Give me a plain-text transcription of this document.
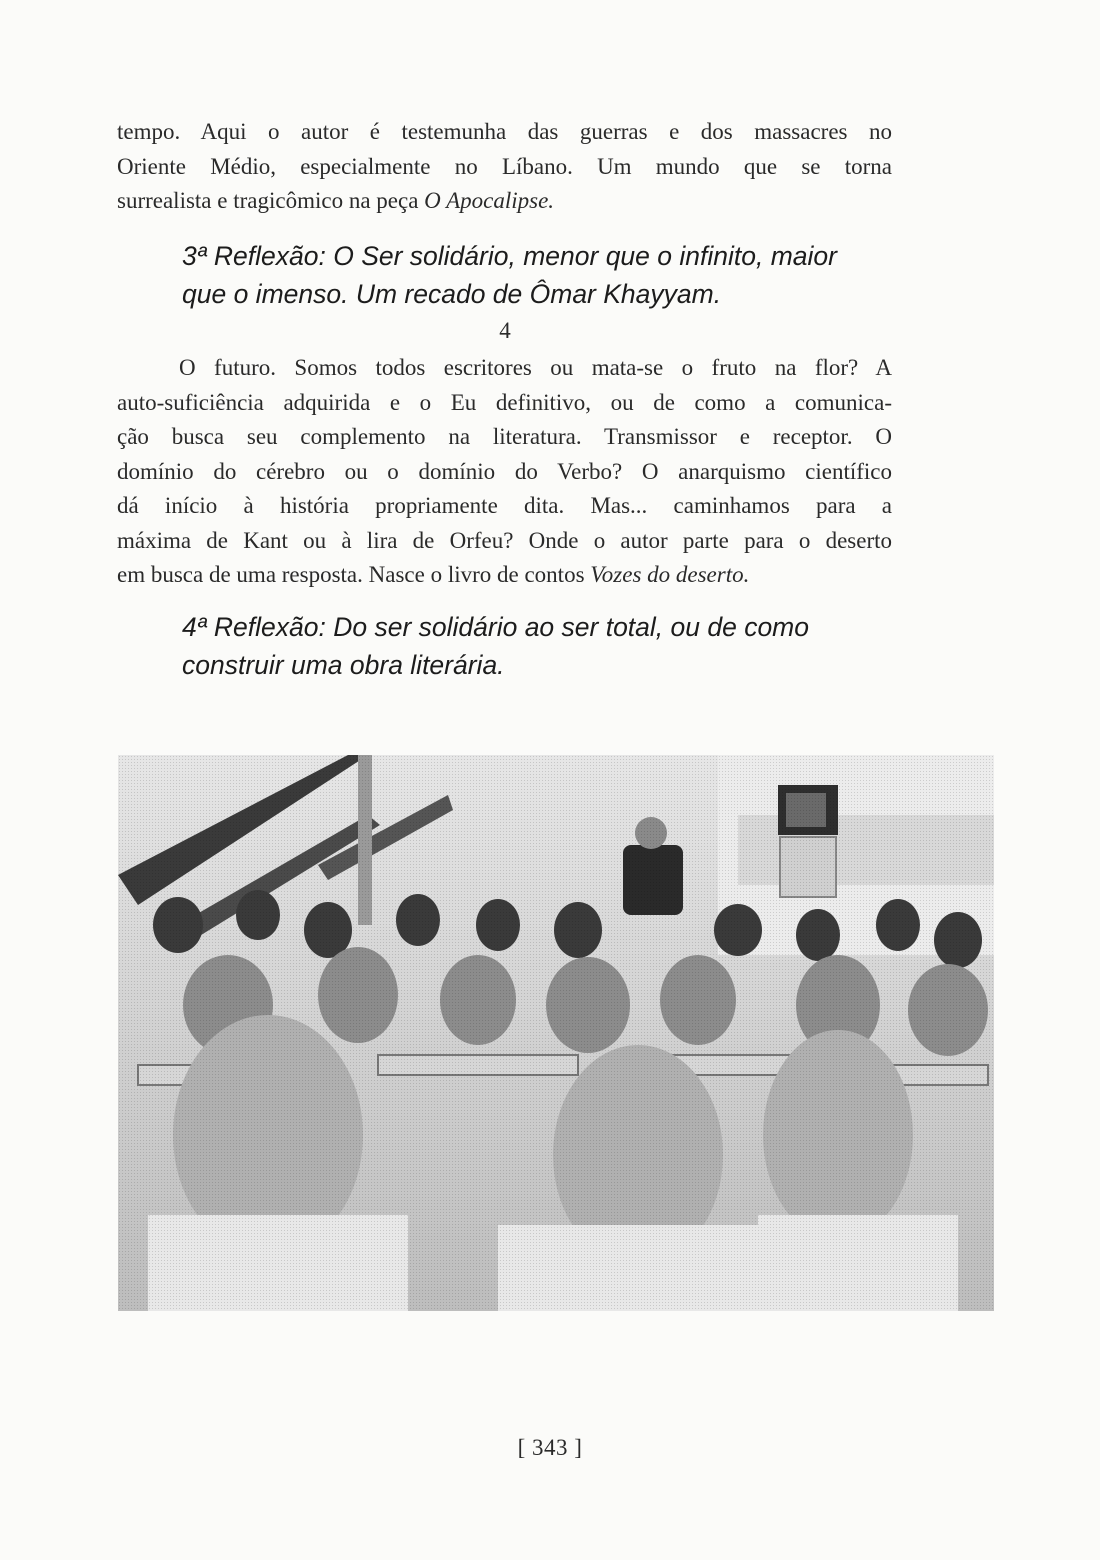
tempo. Aqui o autor é testemunha das guerras e dos massacres no
Oriente Médio, especialmente no Líbano. Um mundo que se torna
surrealista e tragicômico na peça O Apocalipse.
3ª Reflexão: O Ser solidário, menor que o infinito, maior
que o imenso. Um recado de Ômar Khayyam.
4
O futuro. Somos todos escritores ou mata-se o fruto na flor? A
auto-suficiência adquirida e o Eu definitivo, ou de como a comunica-
ção busca seu complemento na literatura. Transmissor e receptor. O
domínio do cérebro ou o domínio do Verbo? O anarquismo científico
dá início à história propriamente dita. Mas... caminhamos para a
máxima de Kant ou à lira de Orfeu? Onde o autor parte para o deserto
em busca de uma resposta. Nasce o livro de contos Vozes do deserto.
4ª Reflexão: Do ser solidário ao ser total, ou de como
construir uma obra literária.
[ 343 ]
